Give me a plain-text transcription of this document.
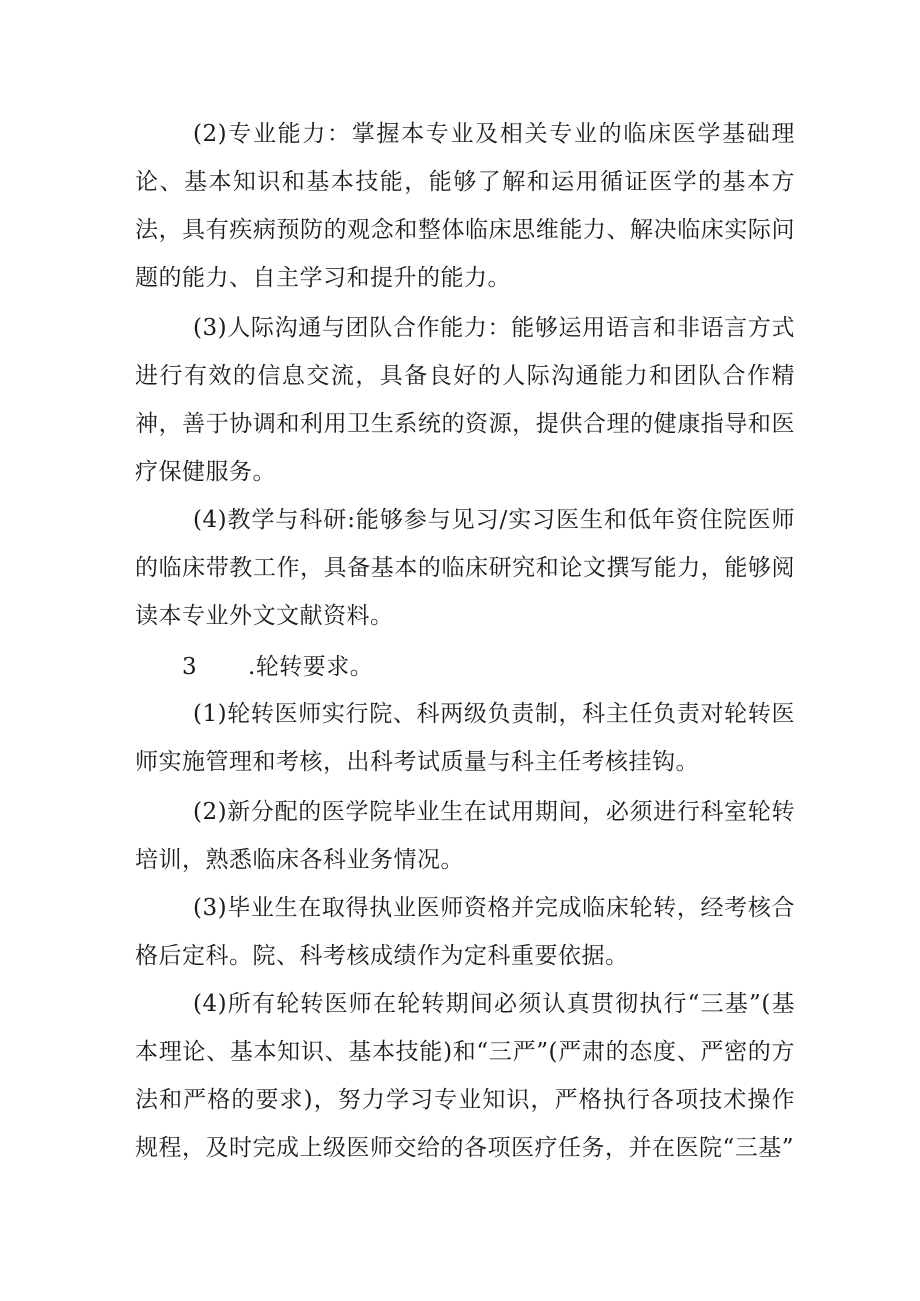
(2)专业能力：掌握本专业及相关专业的临床医学基础理论、基本知识和基本技能，能够了解和运用循证医学的基本方法，具有疾病预防的观念和整体临床思维能力、解决临床实际问题的能力、自主学习和提升的能力。

(3)人际沟通与团队合作能力：能够运用语言和非语言方式进行有效的信息交流，具备良好的人际沟通能力和团队合作精神，善于协调和利用卫生系统的资源，提供合理的健康指导和医疗保健服务。

(4)教学与科研:能够参与见习/实习医生和低年资住院医师的临床带教工作，具备基本的临床研究和论文撰写能力，能够阅读本专业外文文献资料。

3 .轮转要求。

(1)轮转医师实行院、科两级负责制，科主任负责对轮转医师实施管理和考核，出科考试质量与科主任考核挂钩。

(2)新分配的医学院毕业生在试用期间，必须进行科室轮转培训，熟悉临床各科业务情况。

(3)毕业生在取得执业医师资格并完成临床轮转，经考核合格后定科。院、科考核成绩作为定科重要依据。

(4)所有轮转医师在轮转期间必须认真贯彻执行“三基”(基本理论、基本知识、基本技能)和“三严”(严肃的态度、严密的方法和严格的要求)，努力学习专业知识，严格执行各项技术操作规程，及时完成上级医师交给的各项医疗任务，并在医院“三基”
